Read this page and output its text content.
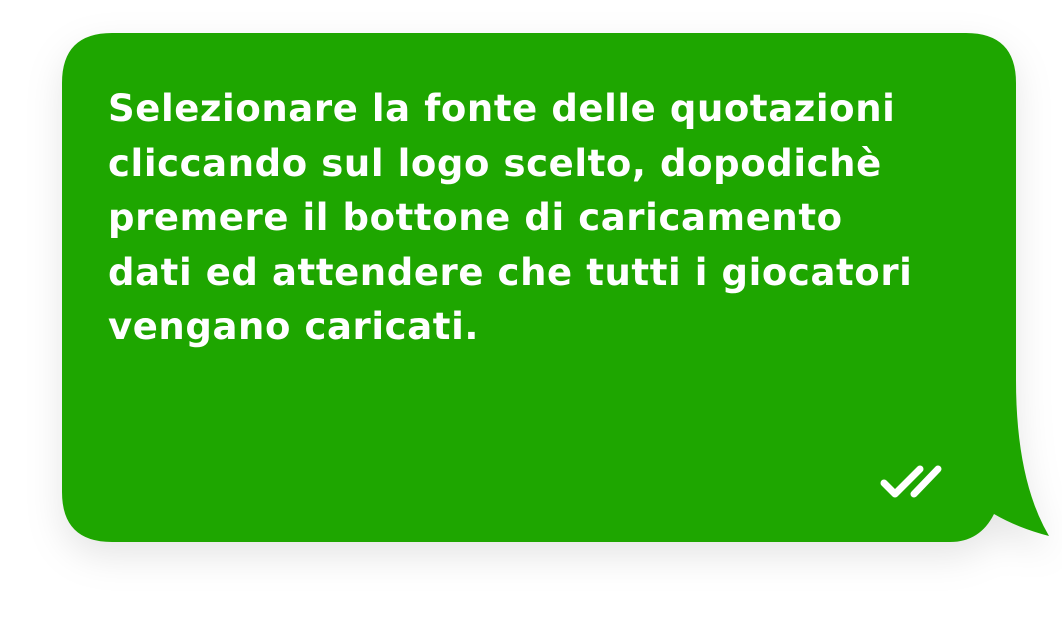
Selezionare la fonte delle quotazioni
cliccando sul logo scelto, dopodichè
premere il bottone di caricamento
dati ed attendere che tutti i giocatori
vengano caricati.
